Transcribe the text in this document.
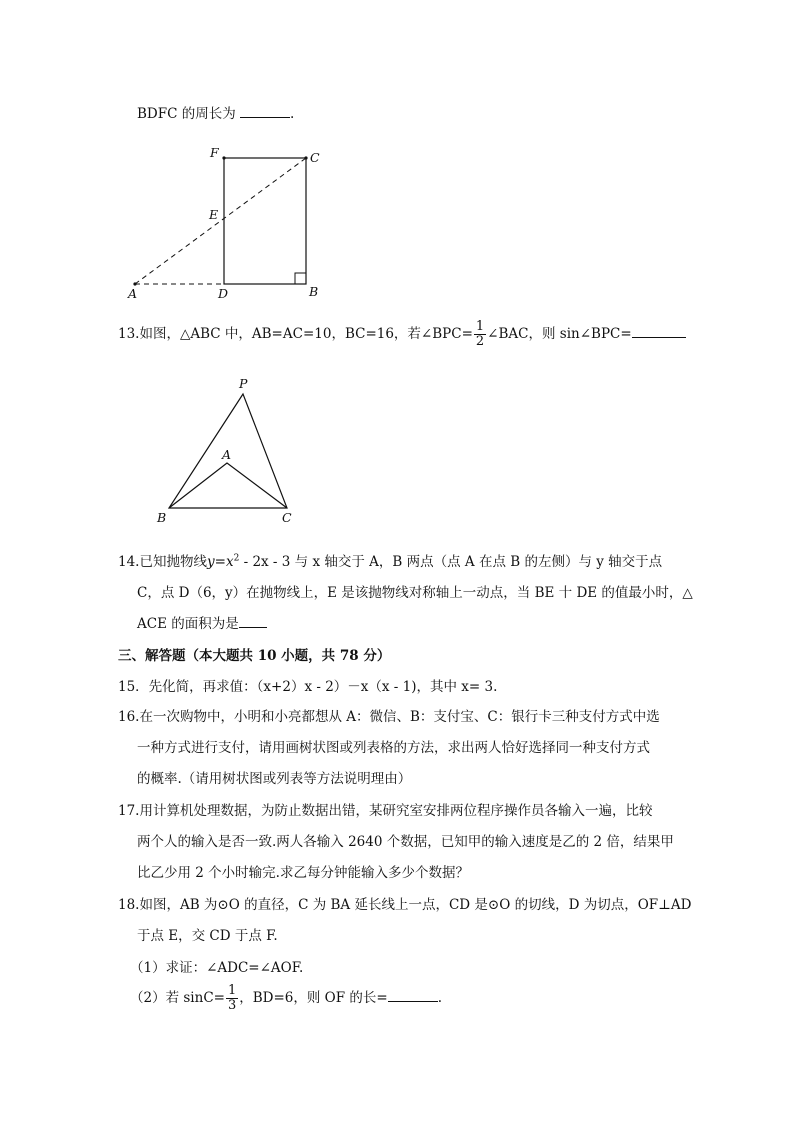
BDFC 的周长为	.
F	C
E
A	D	B
13.如图，△ABC 中，AB=AC=10，BC=16，若∠BPC= $\frac{1}{2}$ ∠BAC，则 sin∠BPC=
P
A
B	C
14.已知抛物线$y=x^2 - 2x - 3$ 与 x 轴交于 A，B 两点（点 A 在点 B 的左侧）与 y 轴交于点
C，点 D（6，y）在抛物线上，E 是该抛物线对称轴上一动点，当 BE 十 DE 的值最小时，△
ACE 的面积为是
三、解答题（本大题共 10 小题，共 78 分）
15．先化简，再求值：（x+2）x - 2）－x（x - 1)，其中 x= 3.
16.在一次购物中，小明和小亮都想从 A：微信、B：支付宝、C：银行卡三种支付方式中选
一种方式进行支付，请用画树状图或列表格的方法，求出两人恰好选择同一种支付方式
的概率.（请用树状图或列表等方法说明理由）
17.用计算机处理数据，为防止数据出错，某研究室安排两位程序操作员各输入一遍，比较
两个人的输入是否一致.两人各输入 2640 个数据，已知甲的输入速度是乙的 2 倍，结果甲
比乙少用 2 个小时输完.求乙每分钟能输入多少个数据？
18.如图，AB 为⊙O 的直径，C 为 BA 延长线上一点，CD 是⊙O 的切线，D 为切点，OF⊥AD
于点 E，交 CD 于点 F.
（1）求证：∠ADC=∠AOF.
（2）若 $\sin C= \frac{1}{3}$ ，BD=6，则 OF 的长=	.
